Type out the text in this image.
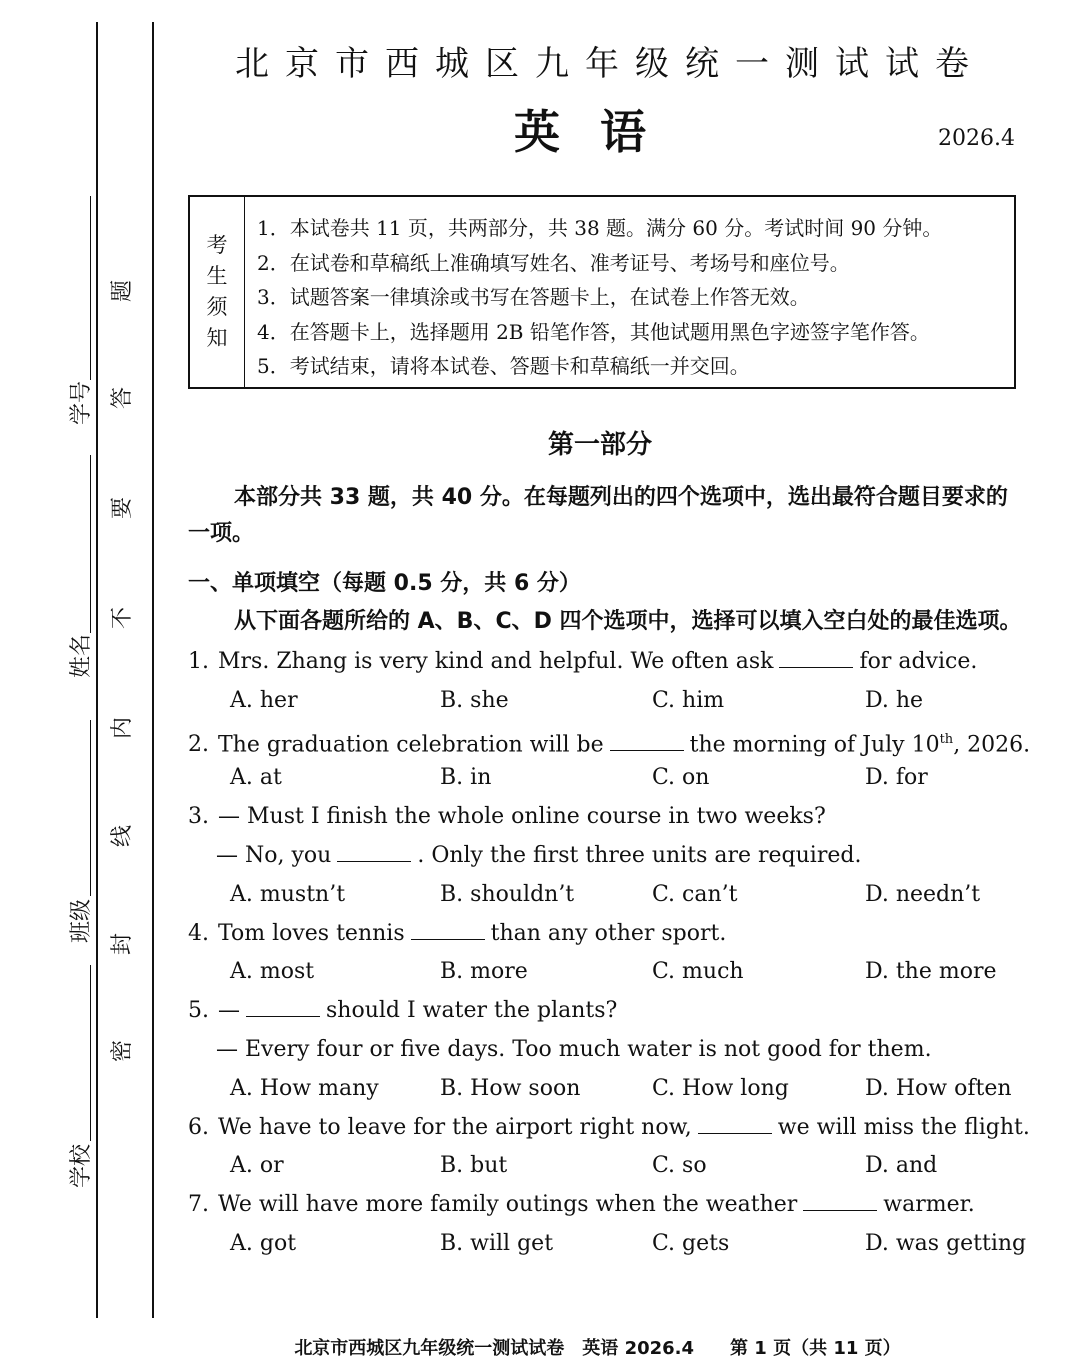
题
答
要
不
内
线
封
密
学号
姓名
班级
学校
北京市西城区九年级统一测试试卷
英语	2026.4
考
生
须
知
1．本试卷共 11 页，共两部分，共 38 题。满分 60 分。考试时间 90 分钟。
2．在试卷和草稿纸上准确填写姓名、准考证号、考场号和座位号。
3．试题答案一律填涂或书写在答题卡上，在试卷上作答无效。
4．在答题卡上，选择题用 2B 铅笔作答，其他试题用黑色字迹签字笔作答。
5．考试结束，请将本试卷、答题卡和草稿纸一并交回。
第一部分
本部分共 33 题，共 40 分。在每题列出的四个选项中，选出最符合题目要求的一项。
一、单项填空（每题 0.5 分，共 6 分）
从下面各题所给的 A、B、C、D 四个选项中，选择可以填入空白处的最佳选项。
1. Mrs. Zhang is very kind and helpful. We often ask	for advice.
A. her	B. she	C. him	D. he
2. The graduation celebration will be	the morning of July 10th, 2026.
A. at	B. in	C. on	D. for
3. — Must I finish the whole online course in two weeks?
— No, you	. Only the first three units are required.
A. mustn’t	B. shouldn’t	C. can’t	D. needn’t
4. Tom loves tennis	than any other sport.
A. most	B. more	C. much	D. the more
5. —	should I water the plants?
— Every four or five days. Too much water is not good for them.
A. How many	B. How soon	C. How long	D. How often
6. We have to leave for the airport right now,	we will miss the flight.
A. or	B. but	C. so	D. and
7. We will have more family outings when the weather	warmer.
A. got	B. will get	C. gets	D. was getting
北京市西城区九年级统一测试试卷　英语 2026.4　　第 1 页（共 11 页）
